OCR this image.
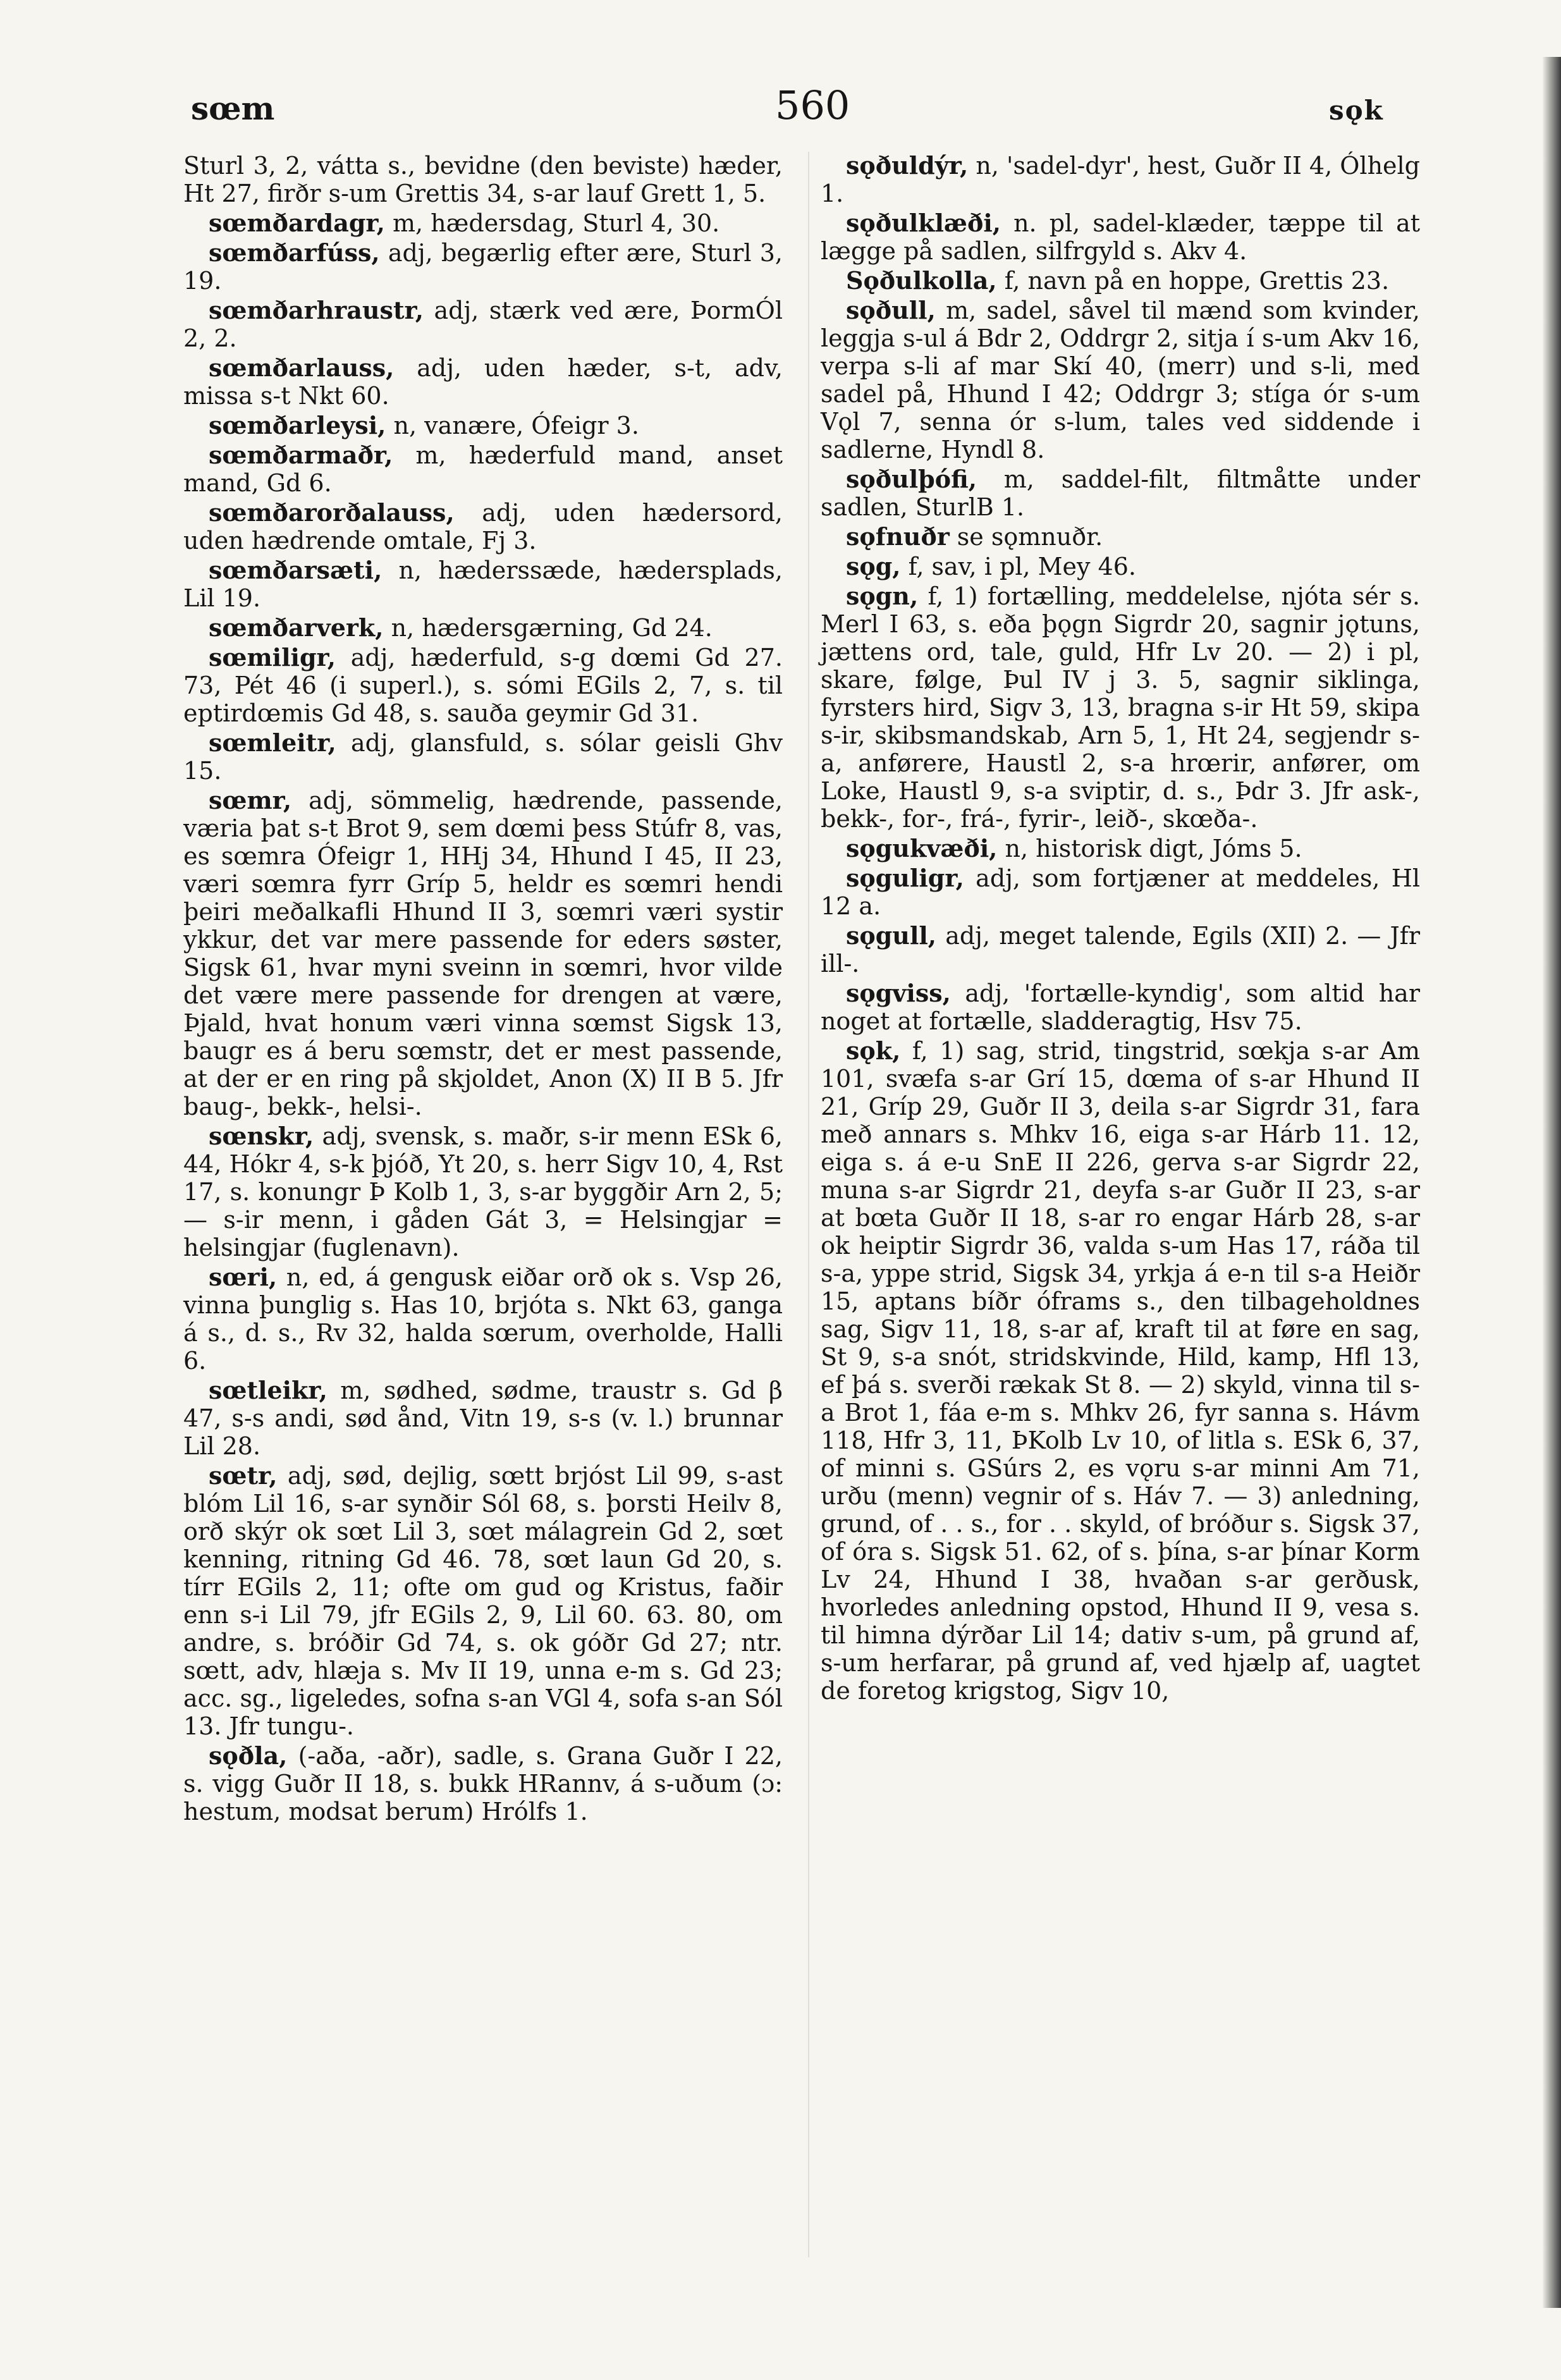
sœm	560	sǫk

Sturl 3, 2, vátta s., bevidne (den beviste) hæder, Ht 27, firðr s-um Grettis 34, s-ar lauf Grett 1, 5.

sœmðardagr, m, hædersdag, Sturl 4, 30.

sœmðarfúss, adj, begærlig efter ære, Sturl 3, 19.

sœmðarhraustr, adj, stærk ved ære, ÞormÓl 2, 2.

sœmðarlauss, adj, uden hæder, s-t, adv, missa s-t Nkt 60.

sœmðarleysi, n, vanære, Ófeigr 3.

sœmðarmaðr, m, hæderfuld mand, anset mand, Gd 6.

sœmðarorðalauss, adj, uden hædersord, uden hædrende omtale, Fj 3.

sœmðarsæti, n, hæderssæde, hædersplads, Lil 19.

sœmðarverk, n, hædersgærning, Gd 24.

sœmiligr, adj, hæderfuld, s-g dœmi Gd 27. 73, Pét 46 (i superl.), s. sómi EGils 2, 7, s. til eptirdœmis Gd 48, s. sauða geymir Gd 31.

sœmleitr, adj, glansfuld, s. sólar geisli Ghv 15.

sœmr, adj, sömmelig, hædrende, passende, væria þat s-t Brot 9, sem dœmi þess Stúfr 8, vas, es sœmra Ófeigr 1, HHj 34, Hhund I 45, II 23, væri sœmra fyrr Gríp 5, heldr es sœmri hendi þeiri meðalkafli Hhund II 3, sœmri væri systir ykkur, det var mere passende for eders søster, Sigsk 61, hvar myni sveinn in sœmri, hvor vilde det være mere passende for drengen at være, Þjald, hvat honum væri vinna sœmst Sigsk 13, baugr es á beru sœmstr, det er mest passende, at der er en ring på skjoldet, Anon (X) II B 5. Jfr baug-, bekk-, helsi-.

sœnskr, adj, svensk, s. maðr, s-ir menn ESk 6, 44, Hókr 4, s-k þjóð, Yt 20, s. herr Sigv 10, 4, Rst 17, s. konungr Þ Kolb 1, 3, s-ar byggðir Arn 2, 5; — s-ir menn, i gåden Gát 3, = Helsingjar = helsingjar (fuglenavn).

sœri, n, ed, á gengusk eiðar orð ok s. Vsp 26, vinna þunglig s. Has 10, brjóta s. Nkt 63, ganga á s., d. s., Rv 32, halda sœrum, overholde, Halli 6.

sœtleikr, m, sødhed, sødme, traustr s. Gd β 47, s-s andi, sød ånd, Vitn 19, s-s (v. l.) brunnar Lil 28.

sœtr, adj, sød, dejlig, sœtt brjóst Lil 99, s-ast blóm Lil 16, s-ar synðir Sól 68, s. þorsti Heilv 8, orð skýr ok sœt Lil 3, sœt málagrein Gd 2, sœt kenning, ritning Gd 46. 78, sœt laun Gd 20, s. tírr EGils 2, 11; ofte om gud og Kristus, faðir enn s-i Lil 79, jfr EGils 2, 9, Lil 60. 63. 80, om andre, s. bróðir Gd 74, s. ok góðr Gd 27; ntr. sœtt, adv, hlæja s. Mv II 19, unna e-m s. Gd 23; acc. sg., ligeledes, sofna s-an VGl 4, sofa s-an Sól 13. Jfr tungu-.

sǫðla, (-aða, -aðr), sadle, s. Grana Guðr I 22, s. vigg Guðr II 18, s. bukk HRannv, á s-uðum (ɔ: hestum, modsat berum) Hrólfs 1.

sǫðuldýr, n, 'sadel-dyr', hest, Guðr II 4, Ólhelg 1.

sǫðulklæði, n. pl, sadel-klæder, tæppe til at lægge på sadlen, silfrgyld s. Akv 4.

Sǫðulkolla, f, navn på en hoppe, Grettis 23.

sǫðull, m, sadel, såvel til mænd som kvinder, leggja s-ul á Bdr 2, Oddrgr 2, sitja í s-um Akv 16, verpa s-li af mar Skí 40, (merr) und s-li, med sadel på, Hhund I 42; Oddrgr 3; stíga ór s-um Vǫl 7, senna ór s-lum, tales ved siddende i sadlerne, Hyndl 8.

sǫðulþófi, m, saddel-filt, filtmåtte under sadlen, SturlB 1.

sǫfnuðr se sǫmnuðr.

sǫg, f, sav, i pl, Mey 46.

sǫgn, f, 1) fortælling, meddelelse, njóta sér s. Merl I 63, s. eða þǫgn Sigrdr 20, sagnir jǫtuns, jættens ord, tale, guld, Hfr Lv 20. — 2) i pl, skare, følge, Þul IV j 3. 5, sagnir siklinga, fyrsters hird, Sigv 3, 13, bragna s-ir Ht 59, skipa s-ir, skibsmandskab, Arn 5, 1, Ht 24, segjendr s-a, anførere, Haustl 2, s-a hrœrir, anfører, om Loke, Haustl 9, s-a sviptir, d. s., Þdr 3. Jfr ask-, bekk-, for-, frá-, fyrir-, leið-, skœða-.

sǫgukvæði, n, historisk digt, Jóms 5.

sǫguligr, adj, som fortjæner at meddeles, Hl 12 a.

sǫgull, adj, meget talende, Egils (XII) 2. — Jfr ill-.

sǫgviss, adj, 'fortælle-kyndig', som altid har noget at fortælle, sladderagtig, Hsv 75.

sǫk, f, 1) sag, strid, tingstrid, sœkja s-ar Am 101, svæfa s-ar Grí 15, dœma of s-ar Hhund II 21, Gríp 29, Guðr II 3, deila s-ar Sigrdr 31, fara með annars s. Mhkv 16, eiga s-ar Hárb 11. 12, eiga s. á e-u SnE II 226, gerva s-ar Sigrdr 22, muna s-ar Sigrdr 21, deyfa s-ar Guðr II 23, s-ar at bœta Guðr II 18, s-ar ro engar Hárb 28, s-ar ok heiptir Sigrdr 36, valda s-um Has 17, ráða til s-a, yppe strid, Sigsk 34, yrkja á e-n til s-a Heiðr 15, aptans bíðr óframs s., den tilbageholdnes sag, Sigv 11, 18, s-ar af, kraft til at føre en sag, St 9, s-a snót, stridskvinde, Hild, kamp, Hfl 13, ef þá s. sverði rækak St 8. — 2) skyld, vinna til s-a Brot 1, fáa e-m s. Mhkv 26, fyr sanna s. Hávm 118, Hfr 3, 11, ÞKolb Lv 10, of litla s. ESk 6, 37, of minni s. GSúrs 2, es vǫru s-ar minni Am 71, urðu (menn) vegnir of s. Háv 7. — 3) anledning, grund, of . . s., for . . skyld, of bróður s. Sigsk 37, of óra s. Sigsk 51. 62, of s. þína, s-ar þínar Korm Lv 24, Hhund I 38, hvaðan s-ar gerðusk, hvorledes anledning opstod, Hhund II 9, vesa s. til himna dýrðar Lil 14; dativ s-um, på grund af, s-um herfarar, på grund af, ved hjælp af, uagtet de foretog krigstog, Sigv 10,
